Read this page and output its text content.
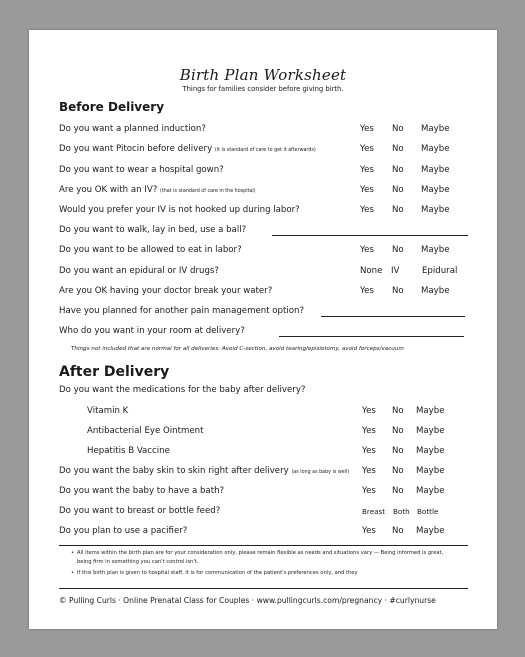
Birth Plan Worksheet
Things for families consider before giving birth.
Before Delivery
Do you want a planned induction?	Yes No Maybe
Do you want Pitocin before delivery (it is standard of care to get it afterwards)	Yes No Maybe
Do you want to wear a hospital gown?	Yes No Maybe
Are you OK with an IV? (that is standard of care in the hospital)	Yes No Maybe
Would you prefer your IV is not hooked up during labor?	Yes No Maybe
Do you want to walk, lay in bed, use a ball?
Do you want to be allowed to eat in labor?	Yes No Maybe
Do you want an epidural or IV drugs?	None IV	Epidural
Are you OK having your doctor break your water?	Yes No Maybe
Have you planned for another pain management option?
Who do you want in your room at delivery?
Things not included that are normal for all deliveries: Avoid C-section, avoid tearing/episiotomy, avoid forceps/vacuum
After Delivery
Do you want the medications for the baby after delivery?
Vitamin K	Yes No Maybe
Antibacterial Eye Ointment	Yes No Maybe
Hepatitis B Vaccine	Yes No Maybe
Do you want the baby skin to skin right after delivery (as long as baby is well) Yes No Maybe
Do you want the baby to have a bath?	Yes No Maybe
Do you want to breast or bottle feed?	Breast Both Bottle
Do you plan to use a pacifier?	Yes No Maybe
• All items within the birth plan are for your consideration only, please remain flexible as needs and situations vary — Being informed is great, being firm in something you can't control isn't.
• If this birth plan is given to hospital staff, it is for communication of the patient's preferences only, and they
© Pulling Curls · Online Prenatal Class for Couples · www.pullingcurls.com/pregnancy · #curlynurse
